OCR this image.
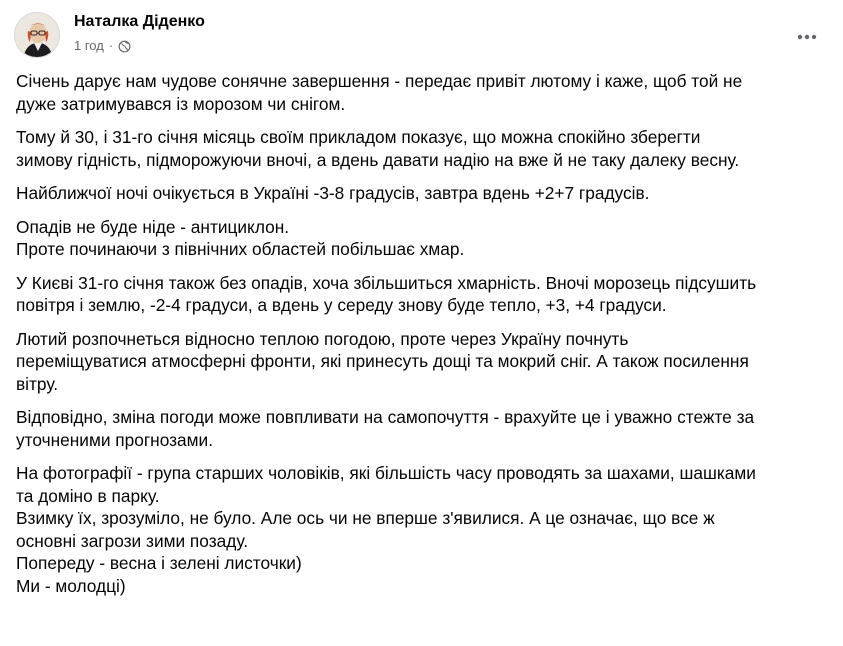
Наталка Діденко
1 год ·

Січень дарує нам чудове сонячне завершення - передає привіт лютому і каже, щоб той не
дуже затримувався із морозом чи снігом.

Тому й 30, і 31-го січня місяць своїм прикладом показує, що можна спокійно зберегти
зимову гідність, підморожуючи вночі, а вдень давати надію на вже й не таку далеку весну.

Найближчої ночі очікується в Україні -3-8 градусів, завтра вдень +2+7 градусів.

Опадів не буде ніде - антициклон.
Проте починаючи з північних областей побільшає хмар.

У Києві 31-го січня також без опадів, хоча збільшиться хмарність. Вночі морозець підсушить
повітря і землю, -2-4 градуси, а вдень у середу знову буде тепло, +3, +4 градуси.

Лютий розпочнеться відносно теплою погодою, проте через Україну почнуть
переміщуватися атмосферні фронти, які принесуть дощі та мокрий сніг. А також посилення
вітру.

Відповідно, зміна погоди може повпливати на самопочуття - врахуйте це і уважно стежте за
уточненими прогнозами.

На фотографії - група старших чоловіків, які більшість часу проводять за шахами, шашками
та доміно в парку.
Взимку їх, зрозуміло, не було. Але ось чи не вперше з'явилися. А це означає, що все ж
основні загрози зими позаду.
Попереду - весна і зелені листочки)
Ми - молодці)
